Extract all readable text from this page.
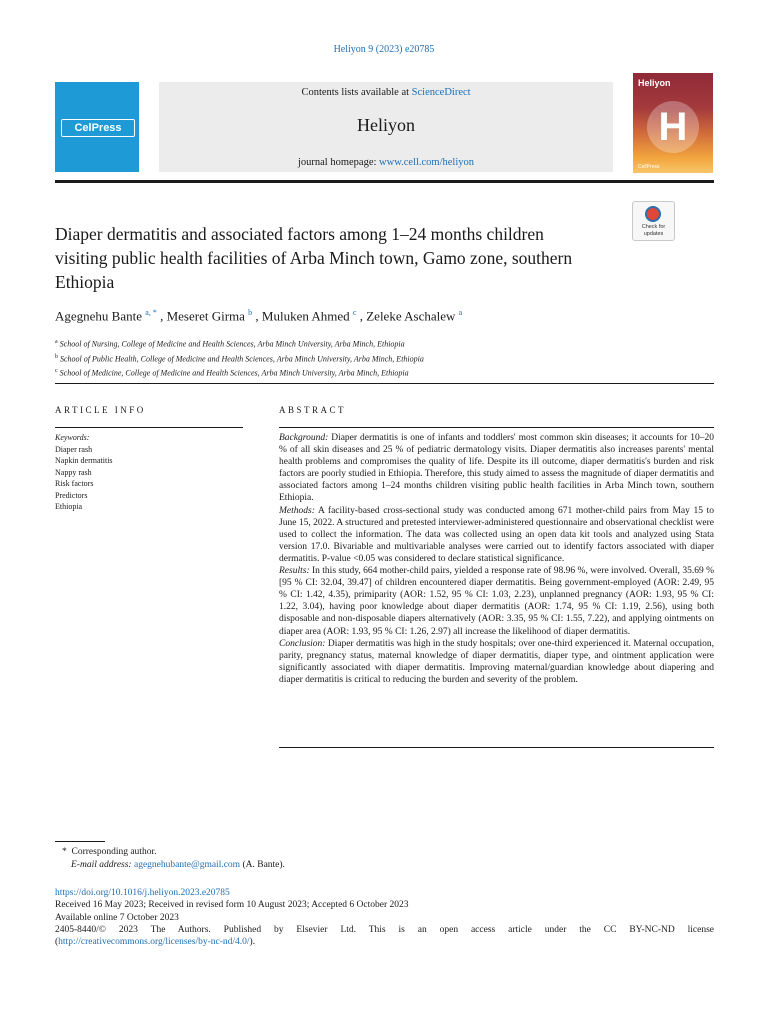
Heliyon 9 (2023) e20785
CelPress
Contents lists available at ScienceDirect
Heliyon
journal homepage: www.cell.com/heliyon
Heliyon
H
CellPress
Check for
updates
Diaper dermatitis and associated factors among 1–24 months children visiting public health facilities of Arba Minch town, Gamo zone, southern Ethiopia
Agegnehu Bante $^{a, *}$ , Meseret Girma $^b$ , Muluken Ahmed $^c$ , Zeleke Aschalew $^a$
$^a$ School of Nursing, College of Medicine and Health Sciences, Arba Minch University, Arba Minch, Ethiopia
$^b$ School of Public Health, College of Medicine and Health Sciences, Arba Minch University, Arba Minch, Ethiopia
$^c$ School of Medicine, College of Medicine and Health Sciences, Arba Minch University, Arba Minch, Ethiopia
ARTICLE INFO	ABSTRACT
Keywords:
Diaper rash
Napkin dermatitis
Nappy rash
Risk factors
Predictors
Ethiopia

Background: Diaper dermatitis is one of infants and toddlers' most common skin diseases; it accounts for 10–20 % of all skin diseases and 25 % of pediatric dermatology visits. Diaper dermatitis also increases parents' mental health problems and compromises the quality of life. Despite its ill outcome, diaper dermatitis's burden and risk factors are poorly studied in Ethiopia. Therefore, this study aimed to assess the magnitude of diaper dermatitis and associated factors among 1–24 months children visiting public health facilities in Arba Minch town, southern Ethiopia.

Methods: A facility-based cross-sectional study was conducted among 671 mother-child pairs from May 15 to June 15, 2022. A structured and pretested interviewer-administered questionnaire and observational checklist were used to collect the information. The data was collected using an open data kit tools and analyzed using Stata version 17.0. Bivariable and multivariable analyses were carried out to identify factors associated with diaper dermatitis. P-value <0.05 was considered to declare statistical significance.

Results: In this study, 664 mother-child pairs, yielded a response rate of 98.96 %, were involved. Overall, 35.69 % [95 % CI: 32.04, 39.47] of children encountered diaper dermatitis. Being government-employed (AOR: 2.49, 95 % CI: 1.42, 4.35), primiparity (AOR: 1.52, 95 % CI: 1.03, 2.23), unplanned pregnancy (AOR: 1.93, 95 % CI: 1.22, 3.04), having poor knowledge about diaper dermatitis (AOR: 1.74, 95 % CI: 1.19, 2.56), using both disposable and non-disposable diapers alternatively (AOR: 3.35, 95 % CI: 1.55, 7.22), and applying ointments on diaper area (AOR: 1.93, 95 % CI: 1.26, 2.97) all increase the likelihood of diaper dermatitis.

Conclusion: Diaper dermatitis was high in the study hospitals; over one-third experienced it. Maternal occupation, parity, pregnancy status, maternal knowledge of diaper dermatitis, diaper type, and ointment application were significantly associated with diaper dermatitis. Improving maternal/guardian knowledge about diapering and diaper dermatitis is critical to reducing the burden and severity of the problem.

* Corresponding author.
E-mail address: agegnehubante@gmail.com (A. Bante).
https://doi.org/10.1016/j.heliyon.2023.e20785
Received 16 May 2023; Received in revised form 10 August 2023; Accepted 6 October 2023
Available online 7 October 2023
2405-8440/© 2023 The Authors. Published by Elsevier Ltd. This is an open access article under the CC BY-NC-ND license
(http://creativecommons.org/licenses/by-nc-nd/4.0/).
